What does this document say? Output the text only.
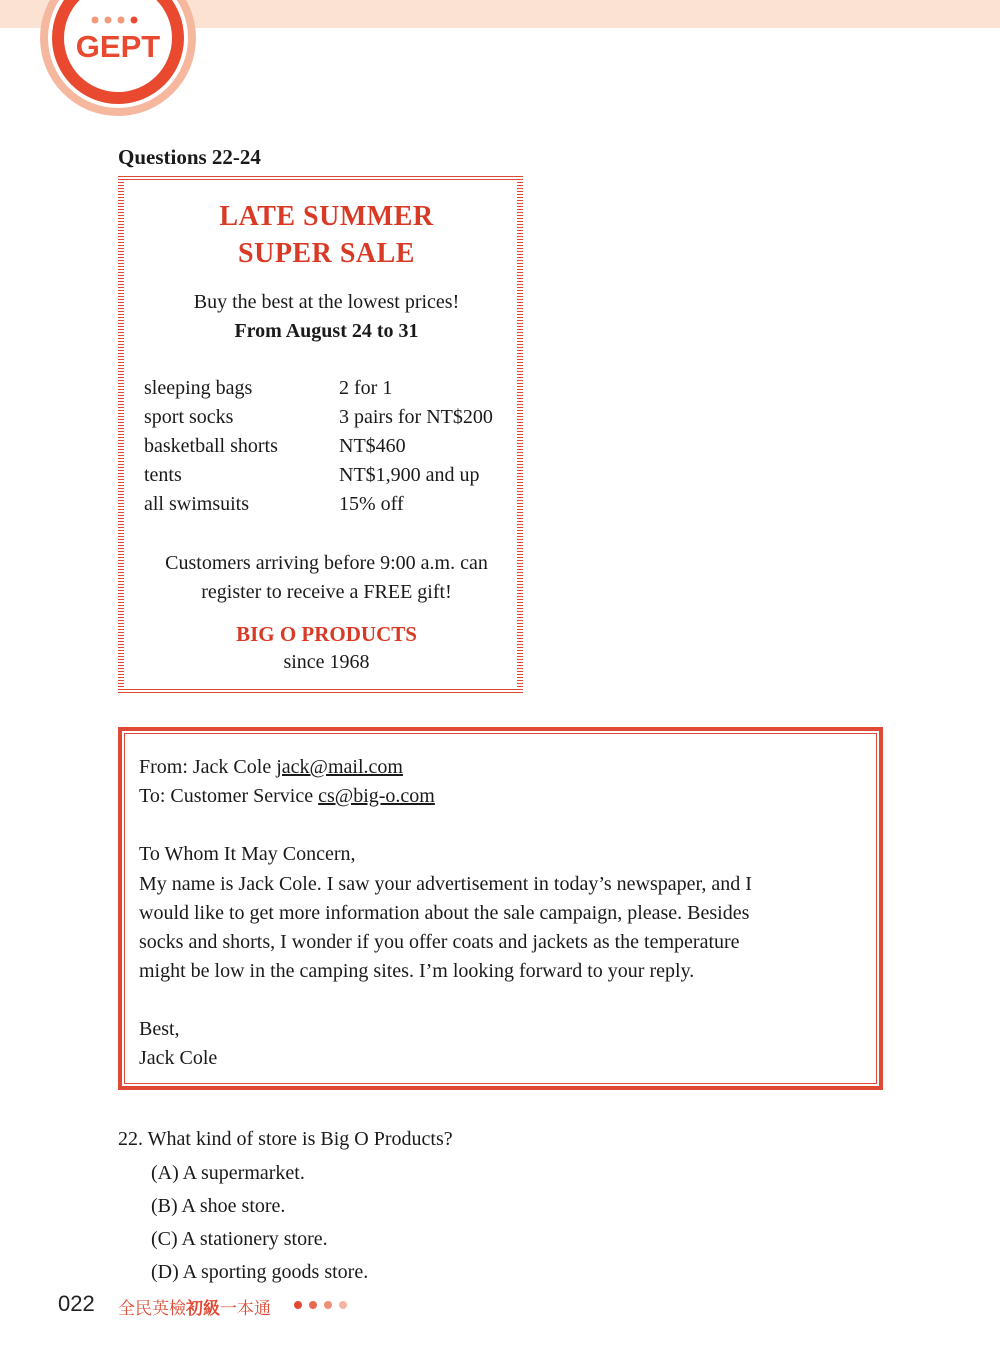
GEPT
Questions 22-24
LATE SUMMER
SUPER SALE
Buy the best at the lowest prices!
From August 24 to 31
sleeping bags	2 for 1
sport socks	3 pairs for NT$200
basketball shorts	NT$460
tents	NT$1,900 and up
all swimsuits	15% off
Customers arriving before 9:00 a.m. can
register to receive a FREE gift!
BIG O PRODUCTS
since 1968
From: Jack Cole jack@mail.com
To: Customer Service cs@big-o.com
To Whom It May Concern,
My name is Jack Cole. I saw your advertisement in today’s newspaper, and I
would like to get more information about the sale campaign, please. Besides
socks and shorts, I wonder if you offer coats and jackets as the temperature
might be low in the camping sites. I’m looking forward to your reply.
Best,
Jack Cole
22. What kind of store is Big O Products?
(A) A supermarket.
(B) A shoe store.
(C) A stationery store.
(D) A sporting goods store.
022 全民英檢初級一本通
